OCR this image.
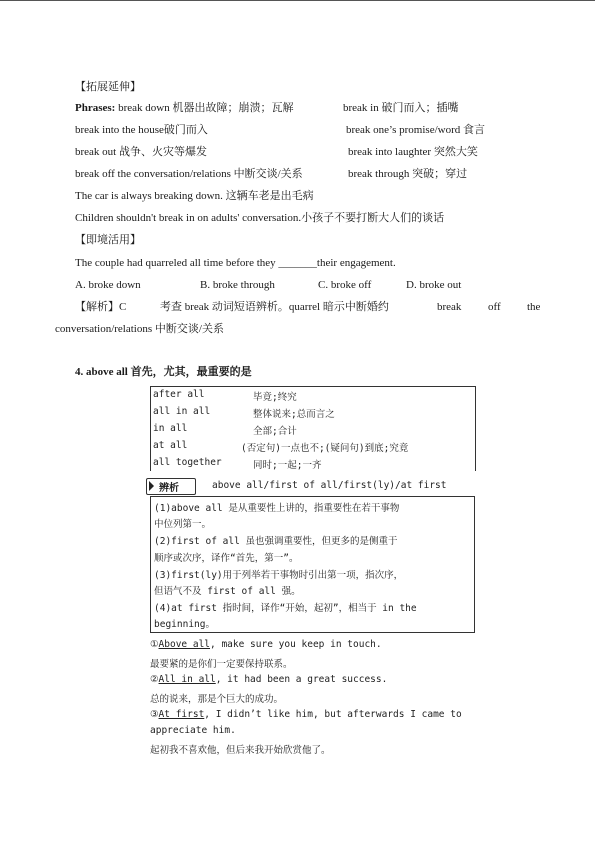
【拓展延伸】
Phrases: break down 机器出故障；崩溃；瓦解	break in 破门而入；插嘴
break into the house破门而入	break one’s promise/word 食言
break out 战争、火灾等爆发	break into laughter 突然大笑
break off the conversation/relations 中断交谈/关系	break through 突破；穿过
The car is always breaking down. 这辆车老是出毛病
Children shouldn't break in on adults' conversation.小孩子不要打断大人们的谈话
【即境活用】
The couple had quarreled all time before they _______their engagement.
A. broke down	B. broke through	C. broke off	D. broke out
【解析】C	考查 break 动词短语辨析。quarrel 暗示中断婚约	break off the
conversation/relations 中断交谈/关系
4. above all 首先，尤其，最重要的是
after all	毕竟;终究
all in all	整体说来;总而言之
in all	全部;合计
at all	(否定句)一点也不;(疑问句)到底;究竟
all together	同时;一起;一齐
辨析	above all/first of all/first(ly)/at first
(1)above all 是从重要性上讲的，指重要性在若干事物
中位列第一。
(2)first of all 虽也强调重要性，但更多的是侧重于
顺序或次序，译作“首先，第一”。
(3)first(ly)用于列举若干事物时引出第一项，指次序，
但语气不及 first of all 强。
(4)at first 指时间，译作“开始，起初”，相当于 in the
beginning。
①Above all, make sure you keep in touch.
最要紧的是你们一定要保持联系。
②All in all, it had been a great success.
总的说来，那是个巨大的成功。
③At first, I didn’t like him, but afterwards I came to
appreciate him.
起初我不喜欢他，但后来我开始欣赏他了。
